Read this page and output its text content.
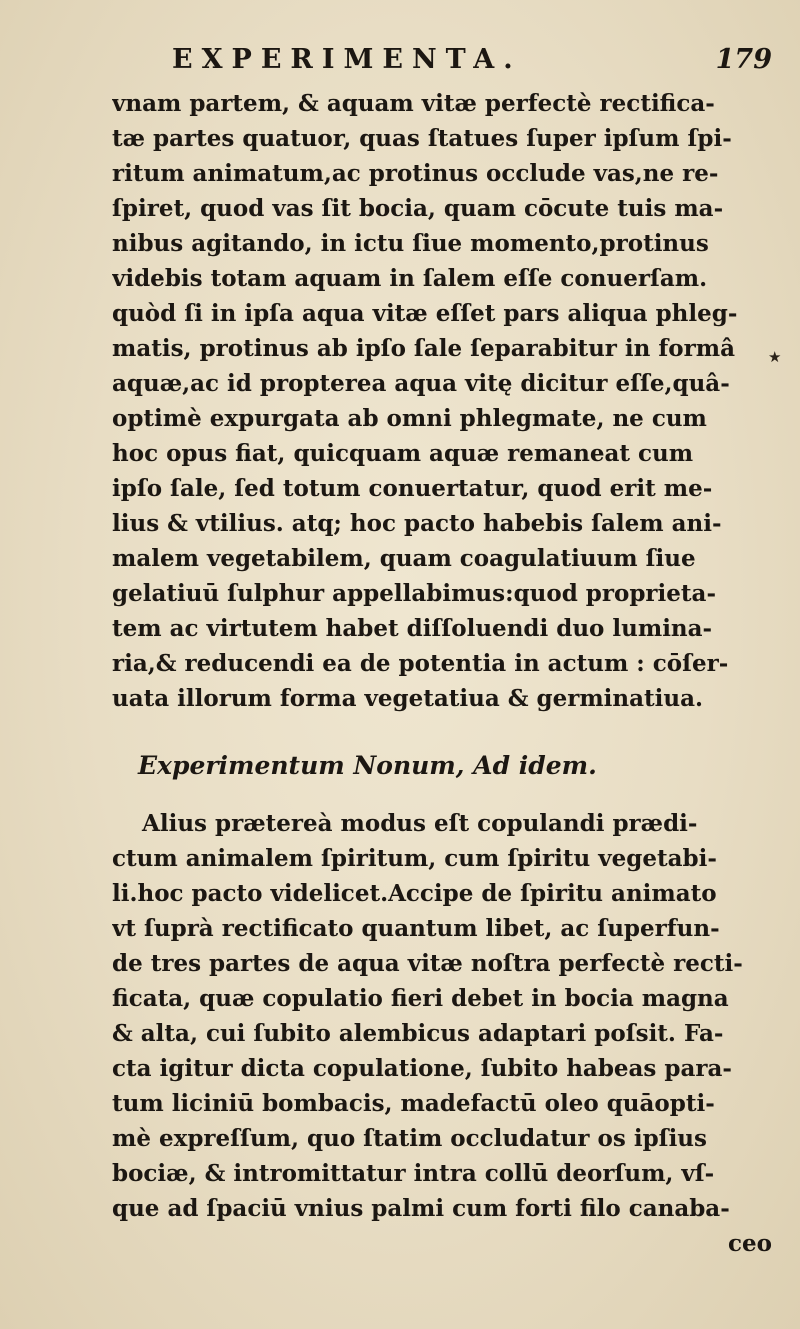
EXPERIMENTA.	179
★
vnam partem, & aquam vitæ perfectè rectifica-
tæ partes quatuor, quas ſtatues ſuper ipſum ſpi-
ritum animatum,ac protinus occlude vas,ne re-
ſpiret, quod vas ſit bocia, quam cōcute tuis ma-
nibus agitando, in ictu ſiue momento,protinus
videbis totam aquam in ſalem eſſe conuerſam.
quòd ſi in ipſa aqua vitæ eſſet pars aliqua phleg-
matis, protinus ab ipſo ſale ſeparabitur in formâ
aquæ,ac id propterea aqua vitę dicitur eſſe,quâ-
optimè expurgata ab omni phlegmate, ne cum
hoc opus fiat, quicquam aquæ remaneat cum
ipſo ſale, ſed totum conuertatur, quod erit me-
lius & vtilius. atq; hoc pacto habebis ſalem ani-
malem vegetabilem, quam coagulatiuum ſiue
gelatiuū ſulphur appellabimus:quod proprieta-
tem ac virtutem habet diſſoluendi duo lumina-
ria,& reducendi ea de potentia in actum : cōſer-
uata illorum forma vegetatiua & germinatiua.
Experimentum Nonum, Ad idem.
Alius prætereà modus eſt copulandi prædi-
ctum animalem ſpiritum, cum ſpiritu vegetabi-
li.hoc pacto videlicet.Accipe de ſpiritu animato
vt ſuprà rectificato quantum libet, ac ſuperfun-
de tres partes de aqua vitæ noſtra perfectè recti-
ficata, quæ copulatio fieri debet in bocia magna
& alta, cui ſubito alembicus adaptari poſsit. Fa-
cta igitur dicta copulatione, ſubito habeas para-
tum liciniū bombacis, madefactū oleo quāopti-
mè expreſſum, quo ſtatim occludatur os ipſius
bociæ, & intromittatur intra collū deorſum, vſ-
que ad ſpaciū vnius palmi cum forti filo canaba-
ceo
